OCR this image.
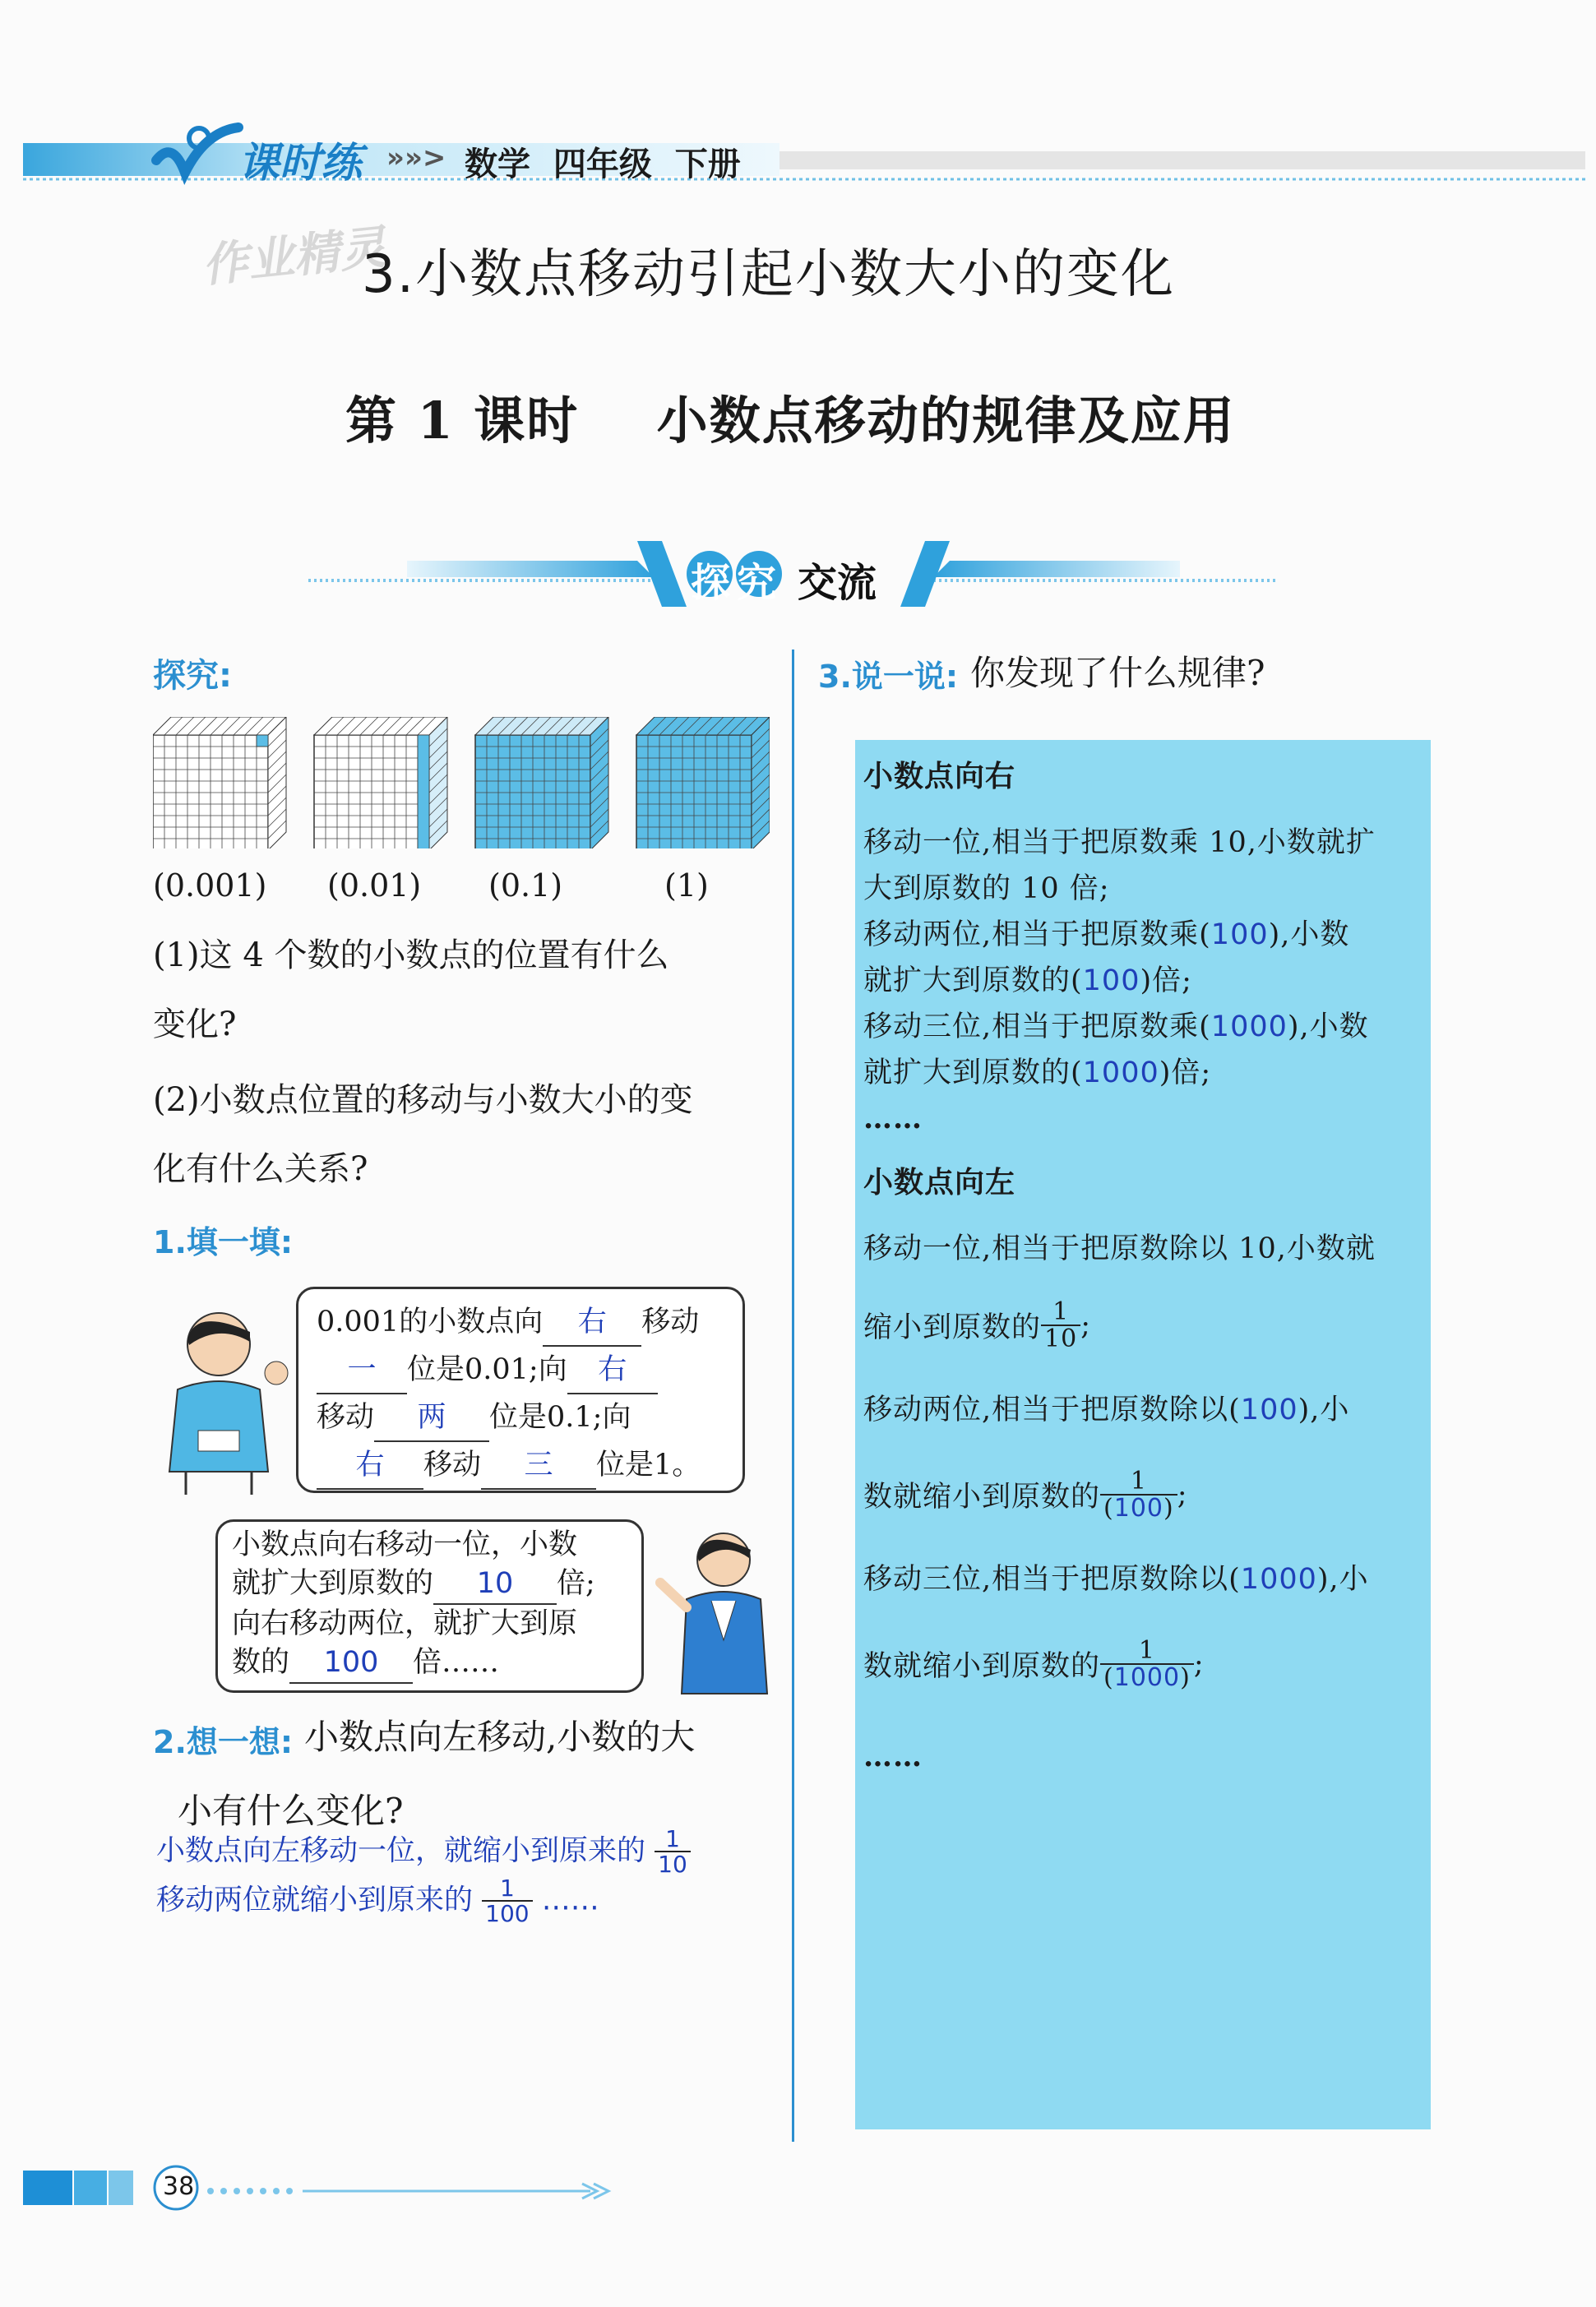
课时练 »»> 数学  四年级  下册
作业精灵
3.小数点移动引起小数大小的变化
第 1 课时    小数点移动的规律及应用
探究 交流
探究:
(0.001) (0.01) (0.1)	(1)
(1)这 4 个数的小数点的位置有什么
变化?
(2)小数点位置的移动与小数大小的变
化有什么关系?
1.填一填:
0.001的小数点向 右 移动
一 位是0.01;向 右
移动 两 位是0.1;向
右 移动 三 位是1。
小数点向右移动一位，小数
就扩大到原数的 10 倍;
向右移动两位，就扩大到原
数的 100 倍……
2.想一想: 小数点向左移动,小数的大
小有什么变化?
小数点向左移动一位，就缩小到原来的 $\frac{1}{10}$
移动两位就缩小到原来的 $\frac{1}{100}$ ……
3.说一说: 你发现了什么规律?
小数点向右
移动一位,相当于把原数乘 10,小数就扩
大到原数的 10 倍;
移动两位,相当于把原数乘(100),小数
就扩大到原数的(100)倍;
移动三位,相当于把原数乘(1000),小数
就扩大到原数的(1000)倍;
……
小数点向左
移动一位,相当于把原数除以 10,小数就
缩小到原数的 $\frac{1}{10}$ ;
移动两位,相当于把原数除以(100),小
数就缩小到原数的 $\frac{1}{(100)}$ ;
移动三位,相当于把原数除以(1000),小
数就缩小到原数的 $\frac{1}{(1000)}$ ;
……
38
